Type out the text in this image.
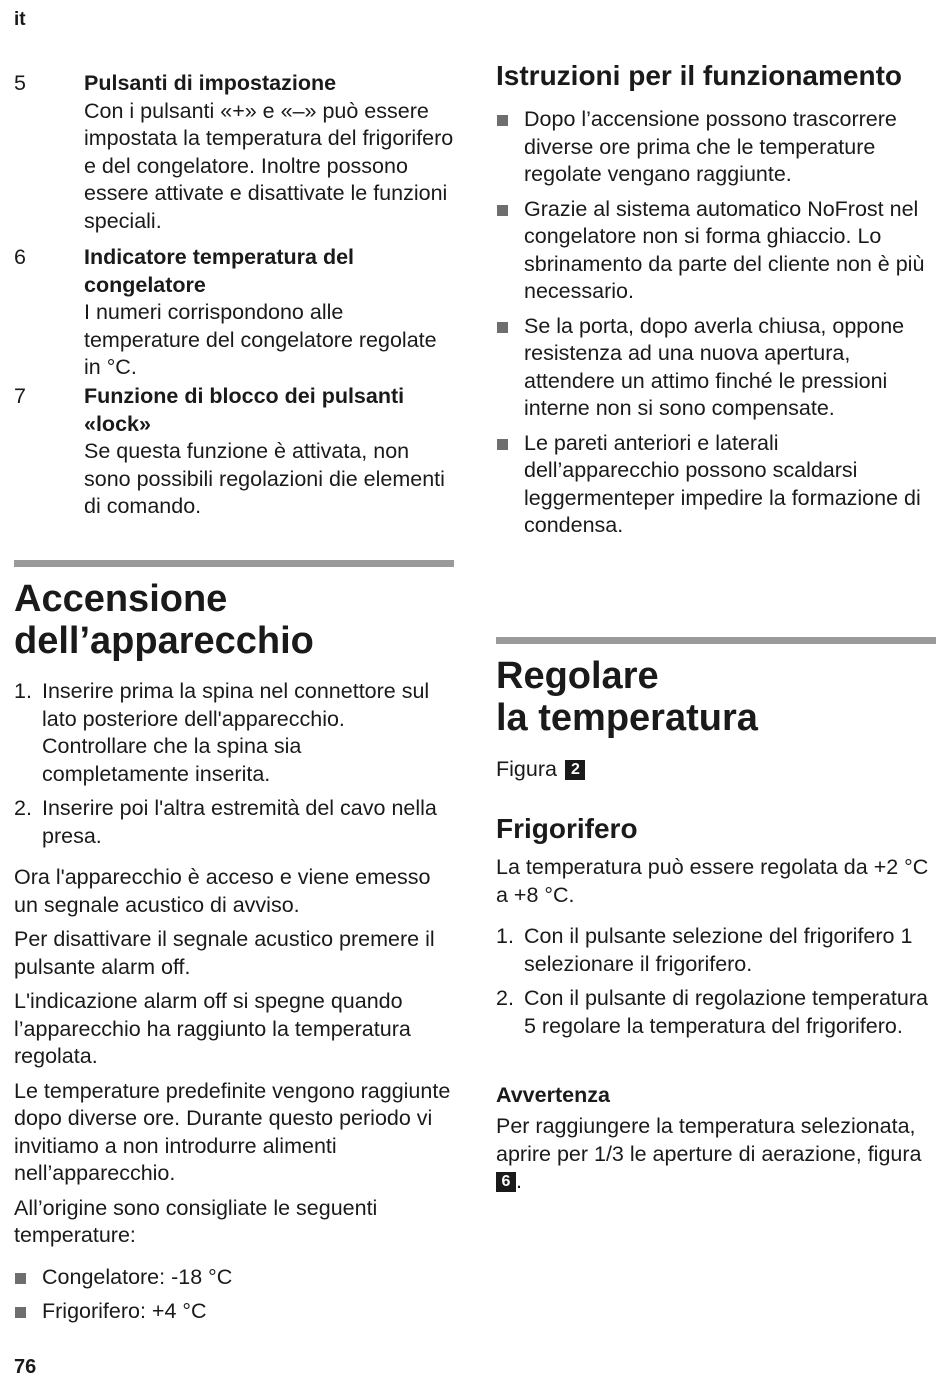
it
5	Pulsanti di impostazione
Con i pulsanti «+» e «–» può essere impostata la temperatura del frigorifero e del congelatore. Inoltre possono essere attivate e disattivate le funzioni speciali.
6	Indicatore temperatura del congelatore
I numeri corrispondono alle temperature del congelatore regolate in °C.
7	Funzione di blocco dei pulsanti «lock»
Se questa funzione è attivata, non sono possibili regolazioni die elementi di comando.
Accensione
dell’apparecchio
1. Inserire prima la spina nel connettore sul lato posteriore dell'apparecchio. Controllare che la spina sia completamente inserita.
2. Inserire poi l'altra estremità del cavo nella presa.

Ora l'apparecchio è acceso e viene emesso un segnale acustico di avviso.

Per disattivare il segnale acustico premere il pulsante alarm off.

L'indicazione alarm off si spegne quando l’apparecchio ha raggiunto la temperatura regolata.

Le temperature predefinite vengono raggiunte dopo diverse ore. Durante questo periodo vi invitiamo a non introdurre alimenti nell’apparecchio.

All’origine sono consigliate le seguenti temperature:

Congelatore: -18 °C
Frigorifero: +4 °C
Istruzioni per il funzionamento
Dopo l’accensione possono trascorrere diverse ore prima che le temperature regolate vengano raggiunte.
Grazie al sistema automatico NoFrost nel congelatore non si forma ghiaccio. Lo sbrinamento da parte del cliente non è più necessario.
Se la porta, dopo averla chiusa, oppone resistenza ad una nuova apertura, attendere un attimo finché le pressioni interne non si sono compensate.
Le pareti anteriori e laterali dell’apparecchio possono scaldarsi leggermenteper impedire la formazione di condensa.
Regolare
la temperatura
Figura 2
Frigorifero

La temperatura può essere regolata da +2 °C a +8 °C.

1. Con il pulsante selezione del frigorifero 1 selezionare il frigorifero.
2. Con il pulsante di regolazione temperatura 5 regolare la temperatura del frigorifero.
Avvertenza

Per raggiungere la temperatura selezionata, aprire per 1/3 le aperture di aerazione, figura 6 .

76
